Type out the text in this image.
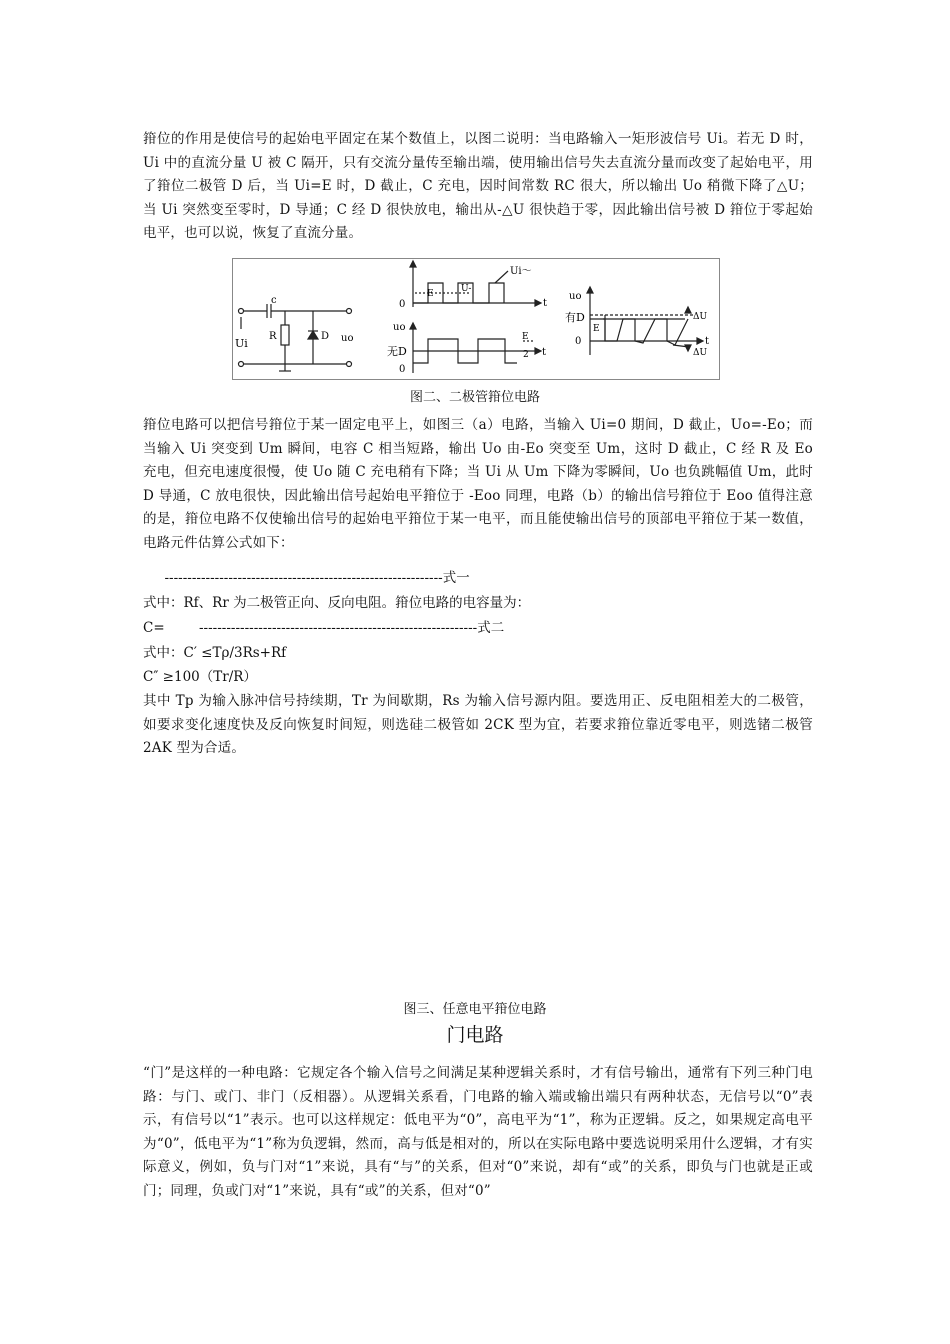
箝位的作用是使信号的起始电平固定在某个数值上，以图二说明：当电路输入一矩形波信号 Ui。若无 D 时，Ui 中的直流分量 U 被 C 隔开，只有交流分量传至输出端，使用输出信号失去直流分量而改变了起始电平，用了箝位二极管 D 后，当 Ui=E 时，D 截止，C 充电，因时间常数 RC 很大，所以输出 Uo 稍微下降了△U；当 Ui 突然变至零时，D 导通；C 经 D 很快放电，输出从-△U 很快趋于零，因此输出信号被 D 箝位于零起始电平，也可以说，恢复了直流分量。

c
R	D
Ui	uo
Ui～
E	U-
0	t
uo
无D
E
2
0
t
uo
有D
E
0	t
ΔU
ΔU

图二、二极管箝位电路

箝位电路可以把信号箝位于某一固定电平上，如图三（a）电路，当输入 Ui=0 期间，D 截止，Uo=-Eo；而当输入 Ui 突变到 Um 瞬间，电容 C 相当短路，输出 Uo 由-Eo 突变至 Um，这时 D 截止，C 经 R 及 Eo 充电，但充电速度很慢，使 Uo 随 C 充电稍有下降；当 Ui 从 Um 下降为零瞬间，Uo 也负跳幅值 Um，此时 D 导通，C 放电很快，因此输出信号起始电平箝位于 -Eoo 同理，电路（b）的输出信号箝位于 Eoo 值得注意的是，箝位电路不仅使输出信号的起始电平箝位于某一电平，而且能使输出信号的顶部电平箝位于某一数值，电路元件估算公式如下：

-------------------------------------------------------------式一

式中：Rf、Rr 为二极管正向、反向电阻。箝位电路的电容量为：

C=        -------------------------------------------------------------式二

式中：C′ ≤Tρ/3Rs+Rf

C″ ≥100（Tr/R）

其中 Tp 为输入脉冲信号持续期，Tr 为间歇期，Rs 为输入信号源内阻。要选用正、反电阻相差大的二极管，如要求变化速度快及反向恢复时间短，则选硅二极管如 2CK 型为宜，若要求箝位靠近零电平，则选锗二极管 2AK 型为合适。

图三、任意电平箝位电路

门电路

“门”是这样的一种电路：它规定各个输入信号之间满足某种逻辑关系时，才有信号输出，通常有下列三种门电路：与门、或门、非门（反相器）。从逻辑关系看，门电路的输入端或输出端只有两种状态，无信号以“0”表示，有信号以“1”表示。也可以这样规定：低电平为“0”，高电平为“1”，称为正逻辑。反之，如果规定高电平为“0”，低电平为“1”称为负逻辑，然而，高与低是相对的，所以在实际电路中要选说明采用什么逻辑，才有实际意义，例如，负与门对“1”来说，具有“与”的关系，但对“0”来说，却有“或”的关系，即负与门也就是正或门；同理，负或门对“1”来说，具有“或”的关系，但对“0”
